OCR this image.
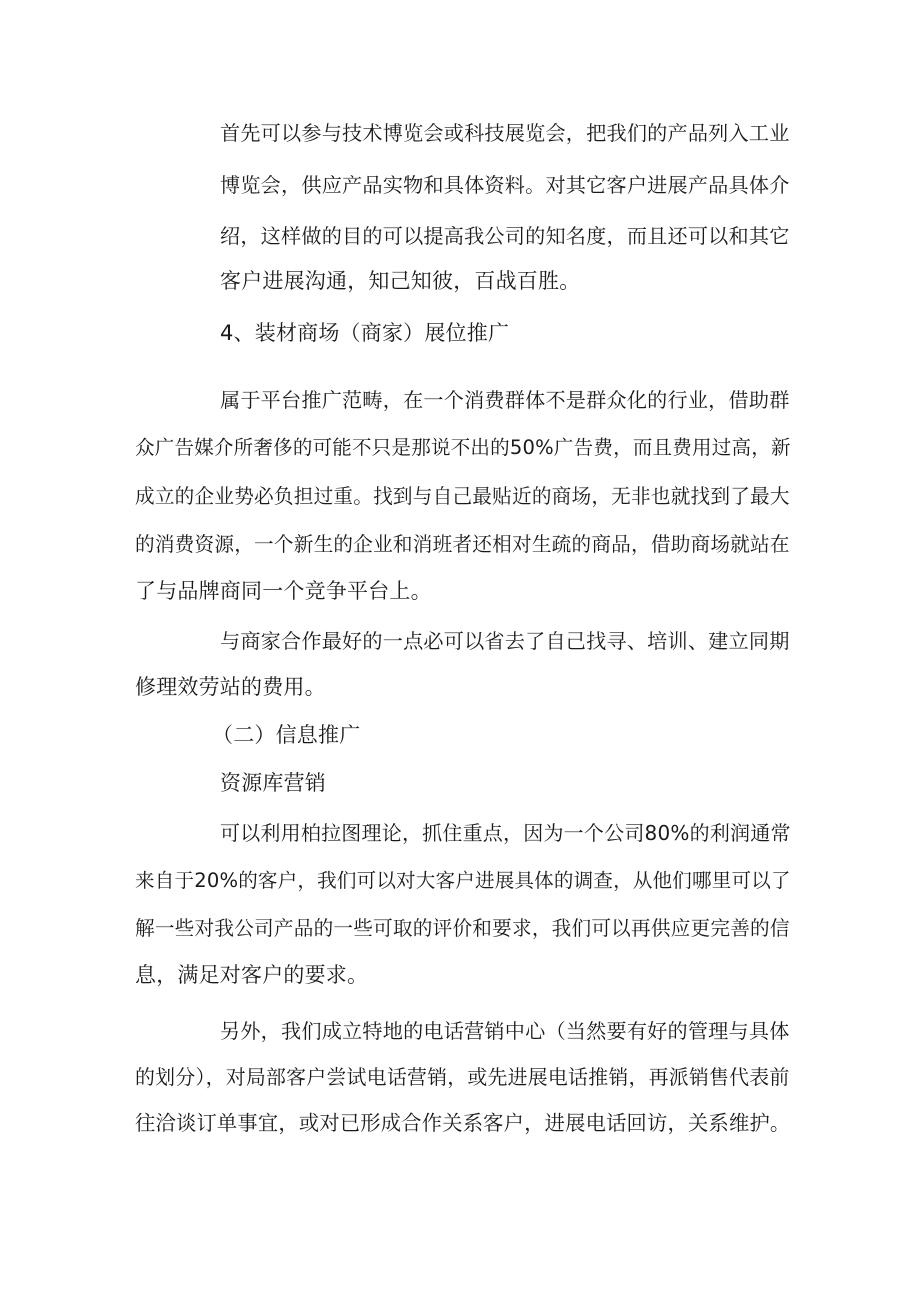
首先可以参与技术博览会或科技展览会，把我们的产品列入工业
博览会，供应产品实物和具体资料。对其它客户进展产品具体介
绍，这样做的目的可以提高我公司的知名度，而且还可以和其它
客户进展沟通，知己知彼，百战百胜。
4、装材商场（商家）展位推广
属于平台推广范畴，在一个消费群体不是群众化的行业，借助群
众广告媒介所奢侈的可能不只是那说不出的50%广告费，而且费用过高，新
成立的企业势必负担过重。找到与自己最贴近的商场，无非也就找到了最大
的消费资源，一个新生的企业和消班者还相对生疏的商品，借助商场就站在
了与品牌商同一个竞争平台上。
与商家合作最好的一点必可以省去了自己找寻、培训、建立同期
修理效劳站的费用。
（二）信息推广
资源库营销
可以利用柏拉图理论，抓住重点，因为一个公司80%的利润通常
来自于20%的客户，我们可以对大客户进展具体的调查，从他们哪里可以了
解一些对我公司产品的一些可取的评价和要求，我们可以再供应更完善的信
息，满足对客户的要求。
另外，我们成立特地的电话营销中心（当然要有好的管理与具体
的划分），对局部客户尝试电话营销，或先进展电话推销，再派销售代表前
往洽谈订单事宜，或对已形成合作关系客户，进展电话回访，关系维护。
